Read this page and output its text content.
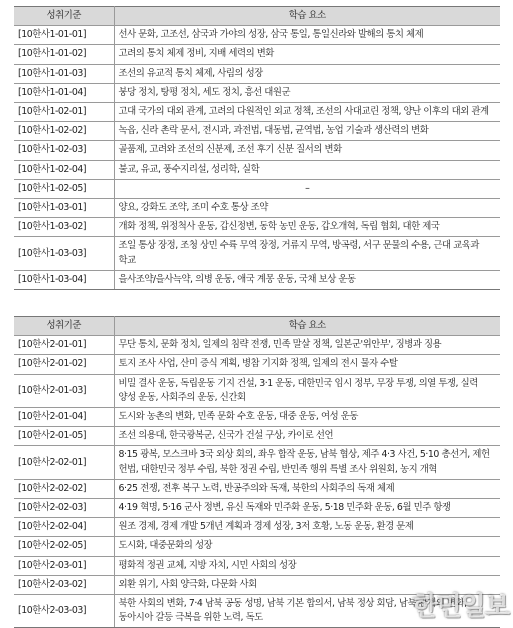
성취기준	학습 요소
[10한사1-01-01]	선사 문화, 고조선, 삼국과 가야의 성장, 삼국 통일, 통일신라와 발해의 통치 체제
[10한사1-01-02]	고려의 통치 체제 정비, 지배 세력의 변화
[10한사1-01-03]	조선의 유교적 통치 체제, 사림의 성장
[10한사1-01-04]	붕당 정치, 탕평 정치, 세도 정치, 흥선 대원군
[10한사1-02-01]	고대 국가의 대외 관계, 고려의 다원적인 외교 정책, 조선의 사대교린 정책, 양난 이후의 대외 관계
[10한사1-02-02]	녹읍, 신라 촌락 문서, 전시과, 과전법, 대동법, 균역법, 농업 기술과 생산력의 변화
[10한사1-02-03]	골품제, 고려와 조선의 신분제, 조선 후기 신분 질서의 변화
[10한사1-02-04]	불교, 유교, 풍수지리설, 성리학, 실학
[10한사1-02-05]	–
[10한사1-03-01]	양요, 강화도 조약, 조미 수호 통상 조약
[10한사1-03-02]	개화 정책, 위정척사 운동, 갑신정변, 동학 농민 운동, 갑오개혁, 독립 협회, 대한 제국
[10한사1-03-03]	조일 통상 장정, 조청 상민 수륙 무역 장정, 거류지 무역, 방곡령, 서구 문물의 수용, 근대 교육과 학교
[10한사1-03-04]	을사조약/을사늑약, 의병 운동, 애국 계몽 운동, 국채 보상 운동
성취기준	학습 요소
[10한사2-01-01]	무단 통치, 문화 정치, 일제의 침략 전쟁, 민족 말살 정책, 일본군'위안부', 징병과 징용
[10한사2-01-02]	토지 조사 사업, 산미 증식 계획, 병참 기지화 정책, 일제의 전시 물자 수탈
[10한사2-01-03]	비밀 결사 운동, 독립운동 기지 건설, 3·1 운동, 대한민국 임시 정부, 무장 투쟁, 의열 투쟁, 실력 양성 운동, 사회주의 운동, 신간회
[10한사2-01-04]	도시와 농촌의 변화, 민족 문화 수호 운동, 대중 운동, 여성 운동
[10한사2-01-05]	조선 의용대, 한국광복군, 신국가 건설 구상, 카이로 선언
[10한사2-02-01]	8·15 광복, 모스크바 3국 외상 회의, 좌우 합작 운동, 남북 협상, 제주 4·3 사건, 5·10 총선거, 제헌 헌법, 대한민국 정부 수립, 북한 정권 수립, 반민족 행위 특별 조사 위원회, 농지 개혁
[10한사2-02-02]	6·25 전쟁, 전후 복구 노력, 반공주의와 독재, 북한의 사회주의 독재 체제
[10한사2-02-03]	4·19 혁명, 5·16 군사 정변, 유신 독재와 민주화 운동, 5·18 민주화 운동, 6월 민주 항쟁
[10한사2-02-04]	원조 경제, 경제 개발 5개년 계획과 경제 성장, 3저 호황, 노동 운동, 환경 문제
[10한사2-02-05]	도시화, 대중문화의 성장
[10한사2-03-01]	평화적 정권 교체, 지방 자치, 시민 사회의 성장
[10한사2-03-02]	외환 위기, 사회 양극화, 다문화 사회
[10한사2-03-03]	북한 사회의 변화, 7·4 남북 공동 성명, 남북 기본 합의서, 남북 정상 회담, 남북 관계의 변화, 동아시아 갈등 극복을 위한 노력, 독도	한민일보
